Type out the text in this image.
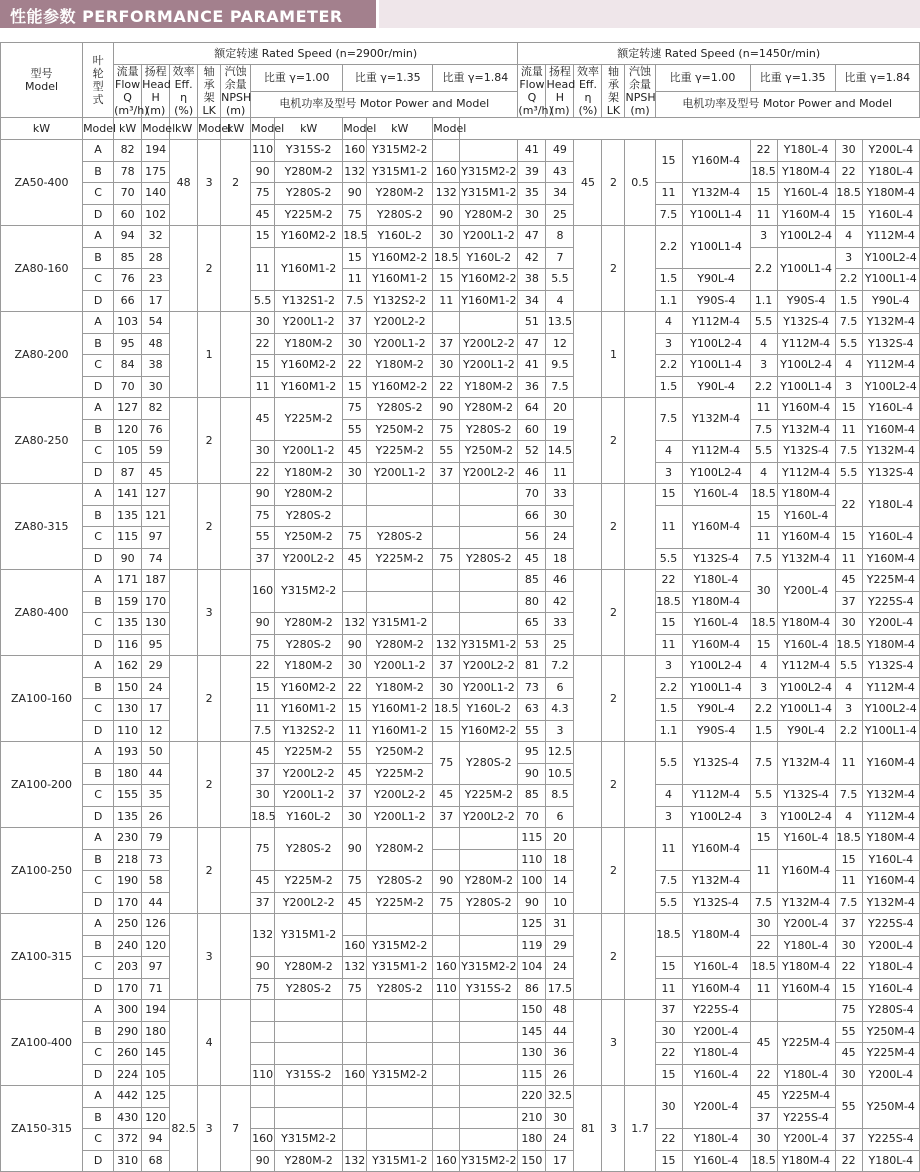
性能参数 PERFORMANCE PARAMETER
型号
Model	叶
轮
型
式	额定转速 Rated Speed (n=2900r/min)											额定转速 Rated Speed (n=1450r/min)										

		流量
Flow
Q
(m³/h)	扬程
Head
H
(m)	效率
Eff.
η
(%)	轴
承
架
LK	汽蚀
余量
NPSH
(m)	比重 γ=1.00		比重 γ=1.35		比重 γ=1.84		流量
Flow
Q
(m³/h)	扬程
Head
H
(m)	效率
Eff.
η
(%)	轴
承
架
LK	汽蚀
余量
NPSH
(m)	比重 γ=1.00		比重 γ=1.35		比重 γ=1.84	
							电机功率及型号 Motor Power and Model											电机功率及型号 Motor Power and Model					
kW	Model	kW	Model	kW	Model	kW	Model	kW	Model	kW	Model												
ZA50-400	A	82	194	48	3	2	110	Y315S-2	160	Y315M2-2			41	49	45	2	0.5	15	Y160M-4	22	Y180L-4	30	Y200L-4
	B	78	175				90	Y280M-2	132	Y315M1-2	160	Y315M2-2	39	43						18.5	Y180M-4	22	Y180L-4
	C	70	140				75	Y280S-2	90	Y280M-2	132	Y315M1-2	35	34				11	Y132M-4	15	Y160L-4	18.5	Y180M-4
	D	60	102				45	Y225M-2	75	Y280S-2	90	Y280M-2	30	25				7.5	Y100L1-4	11	Y160M-4	15	Y160L-4
ZA80-160	A	94	32		2		15	Y160M2-2	18.5	Y160L-2	30	Y200L1-2	47	8		2		2.2	Y100L1-4	3	Y100L2-4	4	Y112M-4
	B	85	28				11	Y160M1-2	15	Y160M2-2	18.5	Y160L-2	42	7						2.2	Y100L1-4	3	Y100L2-4
	C	76	23						11	Y160M1-2	15	Y160M2-2	38	5.5				1.5	Y90L-4			2.2	Y100L1-4
	D	66	17				5.5	Y132S1-2	7.5	Y132S2-2	11	Y160M1-2	34	4				1.1	Y90S-4	1.1	Y90S-4	1.5	Y90L-4
ZA80-200	A	103	54		1		30	Y200L1-2	37	Y200L2-2			51	13.5		1		4	Y112M-4	5.5	Y132S-4	7.5	Y132M-4
	B	95	48				22	Y180M-2	30	Y200L1-2	37	Y200L2-2	47	12				3	Y100L2-4	4	Y112M-4	5.5	Y132S-4
	C	84	38				15	Y160M2-2	22	Y180M-2	30	Y200L1-2	41	9.5				2.2	Y100L1-4	3	Y100L2-4	4	Y112M-4
	D	70	30				11	Y160M1-2	15	Y160M2-2	22	Y180M-2	36	7.5				1.5	Y90L-4	2.2	Y100L1-4	3	Y100L2-4
ZA80-250	A	127	82		2		45	Y225M-2	75	Y280S-2	90	Y280M-2	64	20		2		7.5	Y132M-4	11	Y160M-4	15	Y160L-4
	B	120	76						55	Y250M-2	75	Y280S-2	60	19						7.5	Y132M-4	11	Y160M-4
	C	105	59				30	Y200L1-2	45	Y225M-2	55	Y250M-2	52	14.5				4	Y112M-4	5.5	Y132S-4	7.5	Y132M-4
	D	87	45				22	Y180M-2	30	Y200L1-2	37	Y200L2-2	46	11				3	Y100L2-4	4	Y112M-4	5.5	Y132S-4
ZA80-315	A	141	127		2		90	Y280M-2					70	33		2		15	Y160L-4	18.5	Y180M-4	22	Y180L-4
	B	135	121				75	Y280S-2					66	30				11	Y160M-4	15	Y160L-4		
	C	115	97				55	Y250M-2	75	Y280S-2			56	24						11	Y160M-4	15	Y160L-4
	D	90	74				37	Y200L2-2	45	Y225M-2	75	Y280S-2	45	18				5.5	Y132S-4	7.5	Y132M-4	11	Y160M-4
ZA80-400	A	171	187		3		160	Y315M2-2					85	46		2		22	Y180L-4	30	Y200L-4	45	Y225M-4
	B	159	170										80	42				18.5	Y180M-4			37	Y225S-4
	C	135	130				90	Y280M-2	132	Y315M1-2			65	33				15	Y160L-4	18.5	Y180M-4	30	Y200L-4
	D	116	95				75	Y280S-2	90	Y280M-2	132	Y315M1-2	53	25				11	Y160M-4	15	Y160L-4	18.5	Y180M-4
ZA100-160	A	162	29		2		22	Y180M-2	30	Y200L1-2	37	Y200L2-2	81	7.2		2		3	Y100L2-4	4	Y112M-4	5.5	Y132S-4
	B	150	24				15	Y160M2-2	22	Y180M-2	30	Y200L1-2	73	6				2.2	Y100L1-4	3	Y100L2-4	4	Y112M-4
	C	130	17				11	Y160M1-2	15	Y160M1-2	18.5	Y160L-2	63	4.3				1.5	Y90L-4	2.2	Y100L1-4	3	Y100L2-4
	D	110	12				7.5	Y132S2-2	11	Y160M1-2	15	Y160M2-2	55	3				1.1	Y90S-4	1.5	Y90L-4	2.2	Y100L1-4
ZA100-200	A	193	50		2		45	Y225M-2	55	Y250M-2	75	Y280S-2	95	12.5		2		5.5	Y132S-4	7.5	Y132M-4	11	Y160M-4
	B	180	44				37	Y200L2-2	45	Y225M-2			90	10.5									
	C	155	35				30	Y200L1-2	37	Y200L2-2	45	Y225M-2	85	8.5				4	Y112M-4	5.5	Y132S-4	7.5	Y132M-4
	D	135	26				18.5	Y160L-2	30	Y200L1-2	37	Y200L2-2	70	6				3	Y100L2-4	3	Y100L2-4	4	Y112M-4
ZA100-250	A	230	79		2		75	Y280S-2	90	Y280M-2			115	20		2		11	Y160M-4	15	Y160L-4	18.5	Y180M-4
	B	218	73										110	18						11	Y160M-4	15	Y160L-4
	C	190	58				45	Y225M-2	75	Y280S-2	90	Y280M-2	100	14				7.5	Y132M-4			11	Y160M-4
	D	170	44				37	Y200L2-2	45	Y225M-2	75	Y280S-2	90	10				5.5	Y132S-4	7.5	Y132M-4	7.5	Y132M-4
ZA100-315	A	250	126		3		132	Y315M1-2					125	31		2		18.5	Y180M-4	30	Y200L-4	37	Y225S-4
	B	240	120						160	Y315M2-2			119	29						22	Y180L-4	30	Y200L-4
	C	203	97				90	Y280M-2	132	Y315M1-2	160	Y315M2-2	104	24				15	Y160L-4	18.5	Y180M-4	22	Y180L-4
	D	170	71				75	Y280S-2	75	Y280S-2	110	Y315S-2	86	17.5				11	Y160M-4	11	Y160M-4	15	Y160L-4
ZA100-400	A	300	194		4								150	48		3		37	Y225S-4			75	Y280S-4
	B	290	180										145	44				30	Y200L-4	45	Y225M-4	55	Y250M-4
	C	260	145										130	36				22	Y180L-4			45	Y225M-4
	D	224	105				110	Y315S-2	160	Y315M2-2			115	26				15	Y160L-4	22	Y180L-4	30	Y200L-4
ZA150-315	A	442	125	82.5	3	7							220	32.5	81	3	1.7	30	Y200L-4	45	Y225M-4	55	Y250M-4
	B	430	120										210	30						37	Y225S-4		
	C	372	94				160	Y315M2-2					180	24				22	Y180L-4	30	Y200L-4	37	Y225S-4
	D	310	68				90	Y280M-2	132	Y315M1-2	160	Y315M2-2	150	17				15	Y160L-4	18.5	Y180M-4	22	Y180L-4
